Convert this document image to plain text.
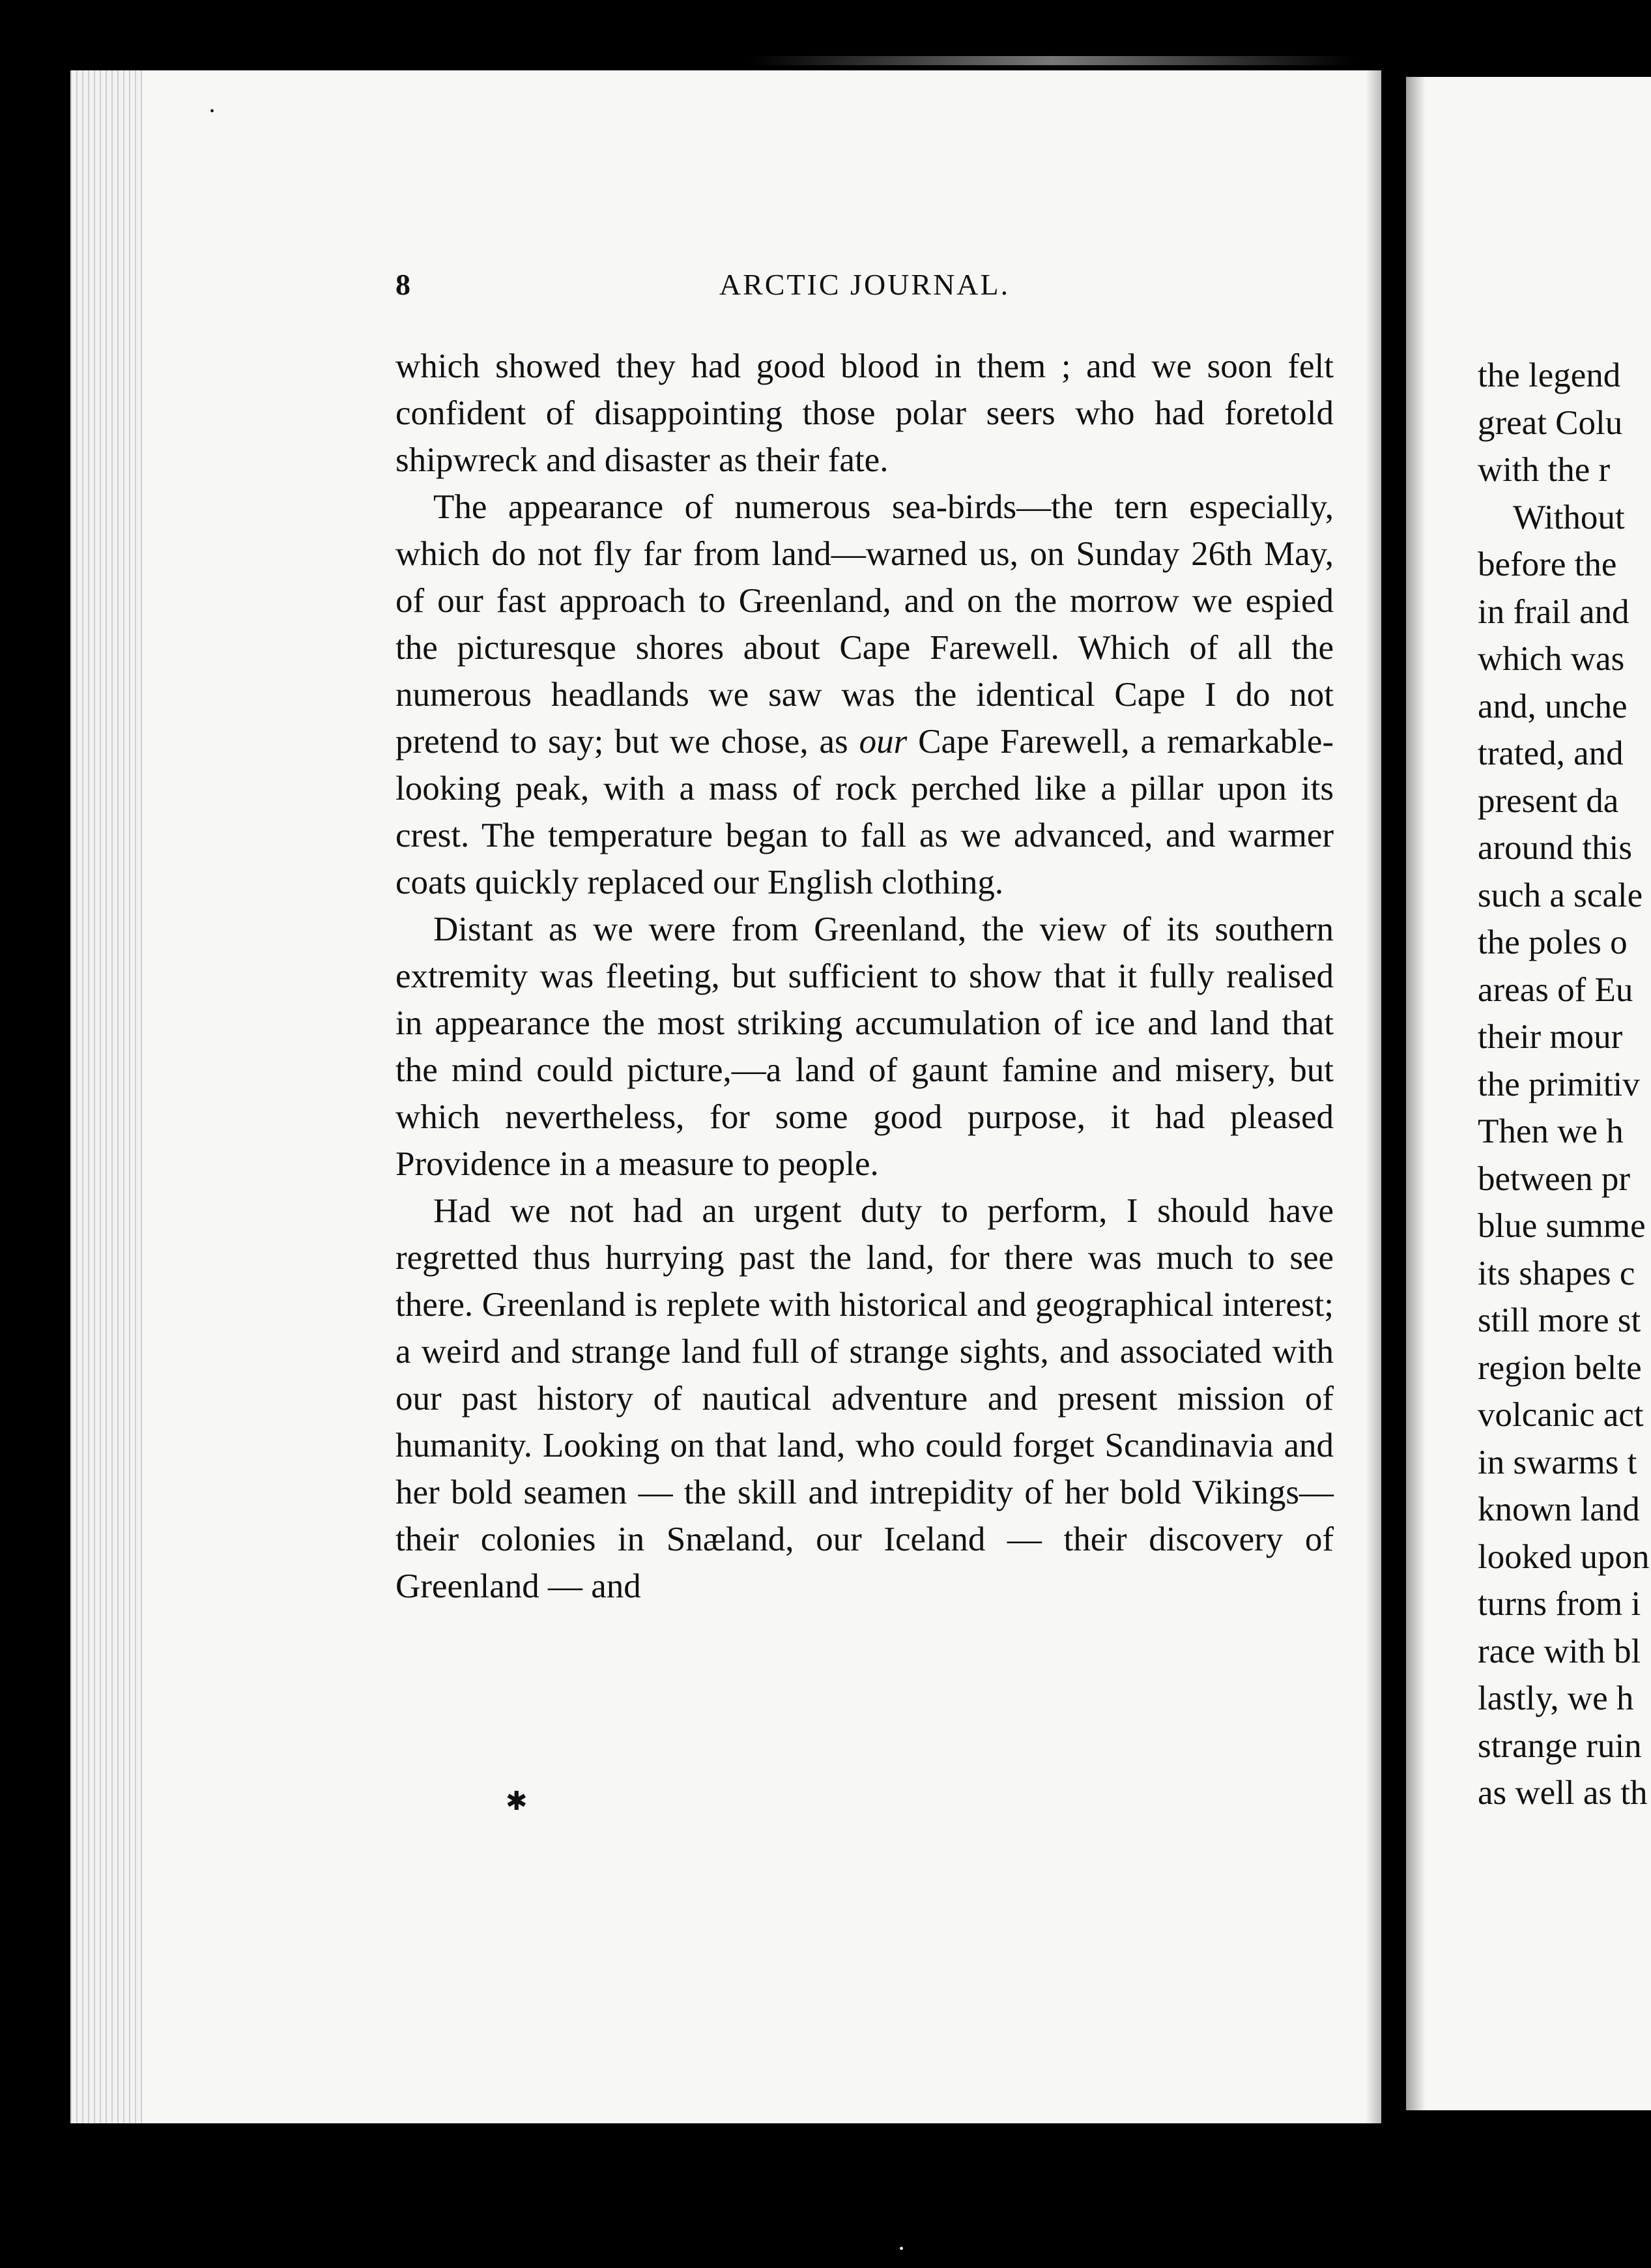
8	ARCTIC JOURNAL.

which showed they had good blood in them ; and we soon felt confident of disappointing those polar seers who had foretold shipwreck and disaster as their fate.

The appearance of numerous sea-birds—the tern especially, which do not fly far from land—warned us, on Sunday 26th May, of our fast approach to Greenland, and on the morrow we espied the picturesque shores about Cape Farewell. Which of all the numerous headlands we saw was the identical Cape I do not pretend to say; but we chose, as our Cape Farewell, a remarkable-looking peak, with a mass of rock perched like a pillar upon its crest. The temperature began to fall as we advanced, and warmer coats quickly replaced our English clothing.

Distant as we were from Greenland, the view of its southern extremity was fleeting, but sufficient to show that it fully realised in appearance the most striking accumulation of ice and land that the mind could picture,—a land of gaunt famine and misery, but which nevertheless, for some good purpose, it had pleased Providence in a measure to people.

Had we not had an urgent duty to perform, I should have regretted thus hurrying past the land, for there was much to see there. Greenland is replete with historical and geographical interest; a weird and strange land full of strange sights, and associated with our past history of nautical adventure and present mission of humanity. Looking on that land, who could forget Scandinavia and her bold seamen — the skill and intrepidity of her bold Vikings—their colonies in Snæland, our Iceland — their discovery of Greenland — and

the legend
great Colu
with the r
Without
before the
in frail and
which was
and, unche
trated, and
present da
around this
such a scale
the poles o
areas of Eu
their mour
the primitiv
Then we h
between pr
blue summe
its shapes c
still more st
region belte
volcanic act
in swarms t
known land
looked upon
turns from i
race with bl
lastly, we h
strange ruin
as well as th
✱
•
•
